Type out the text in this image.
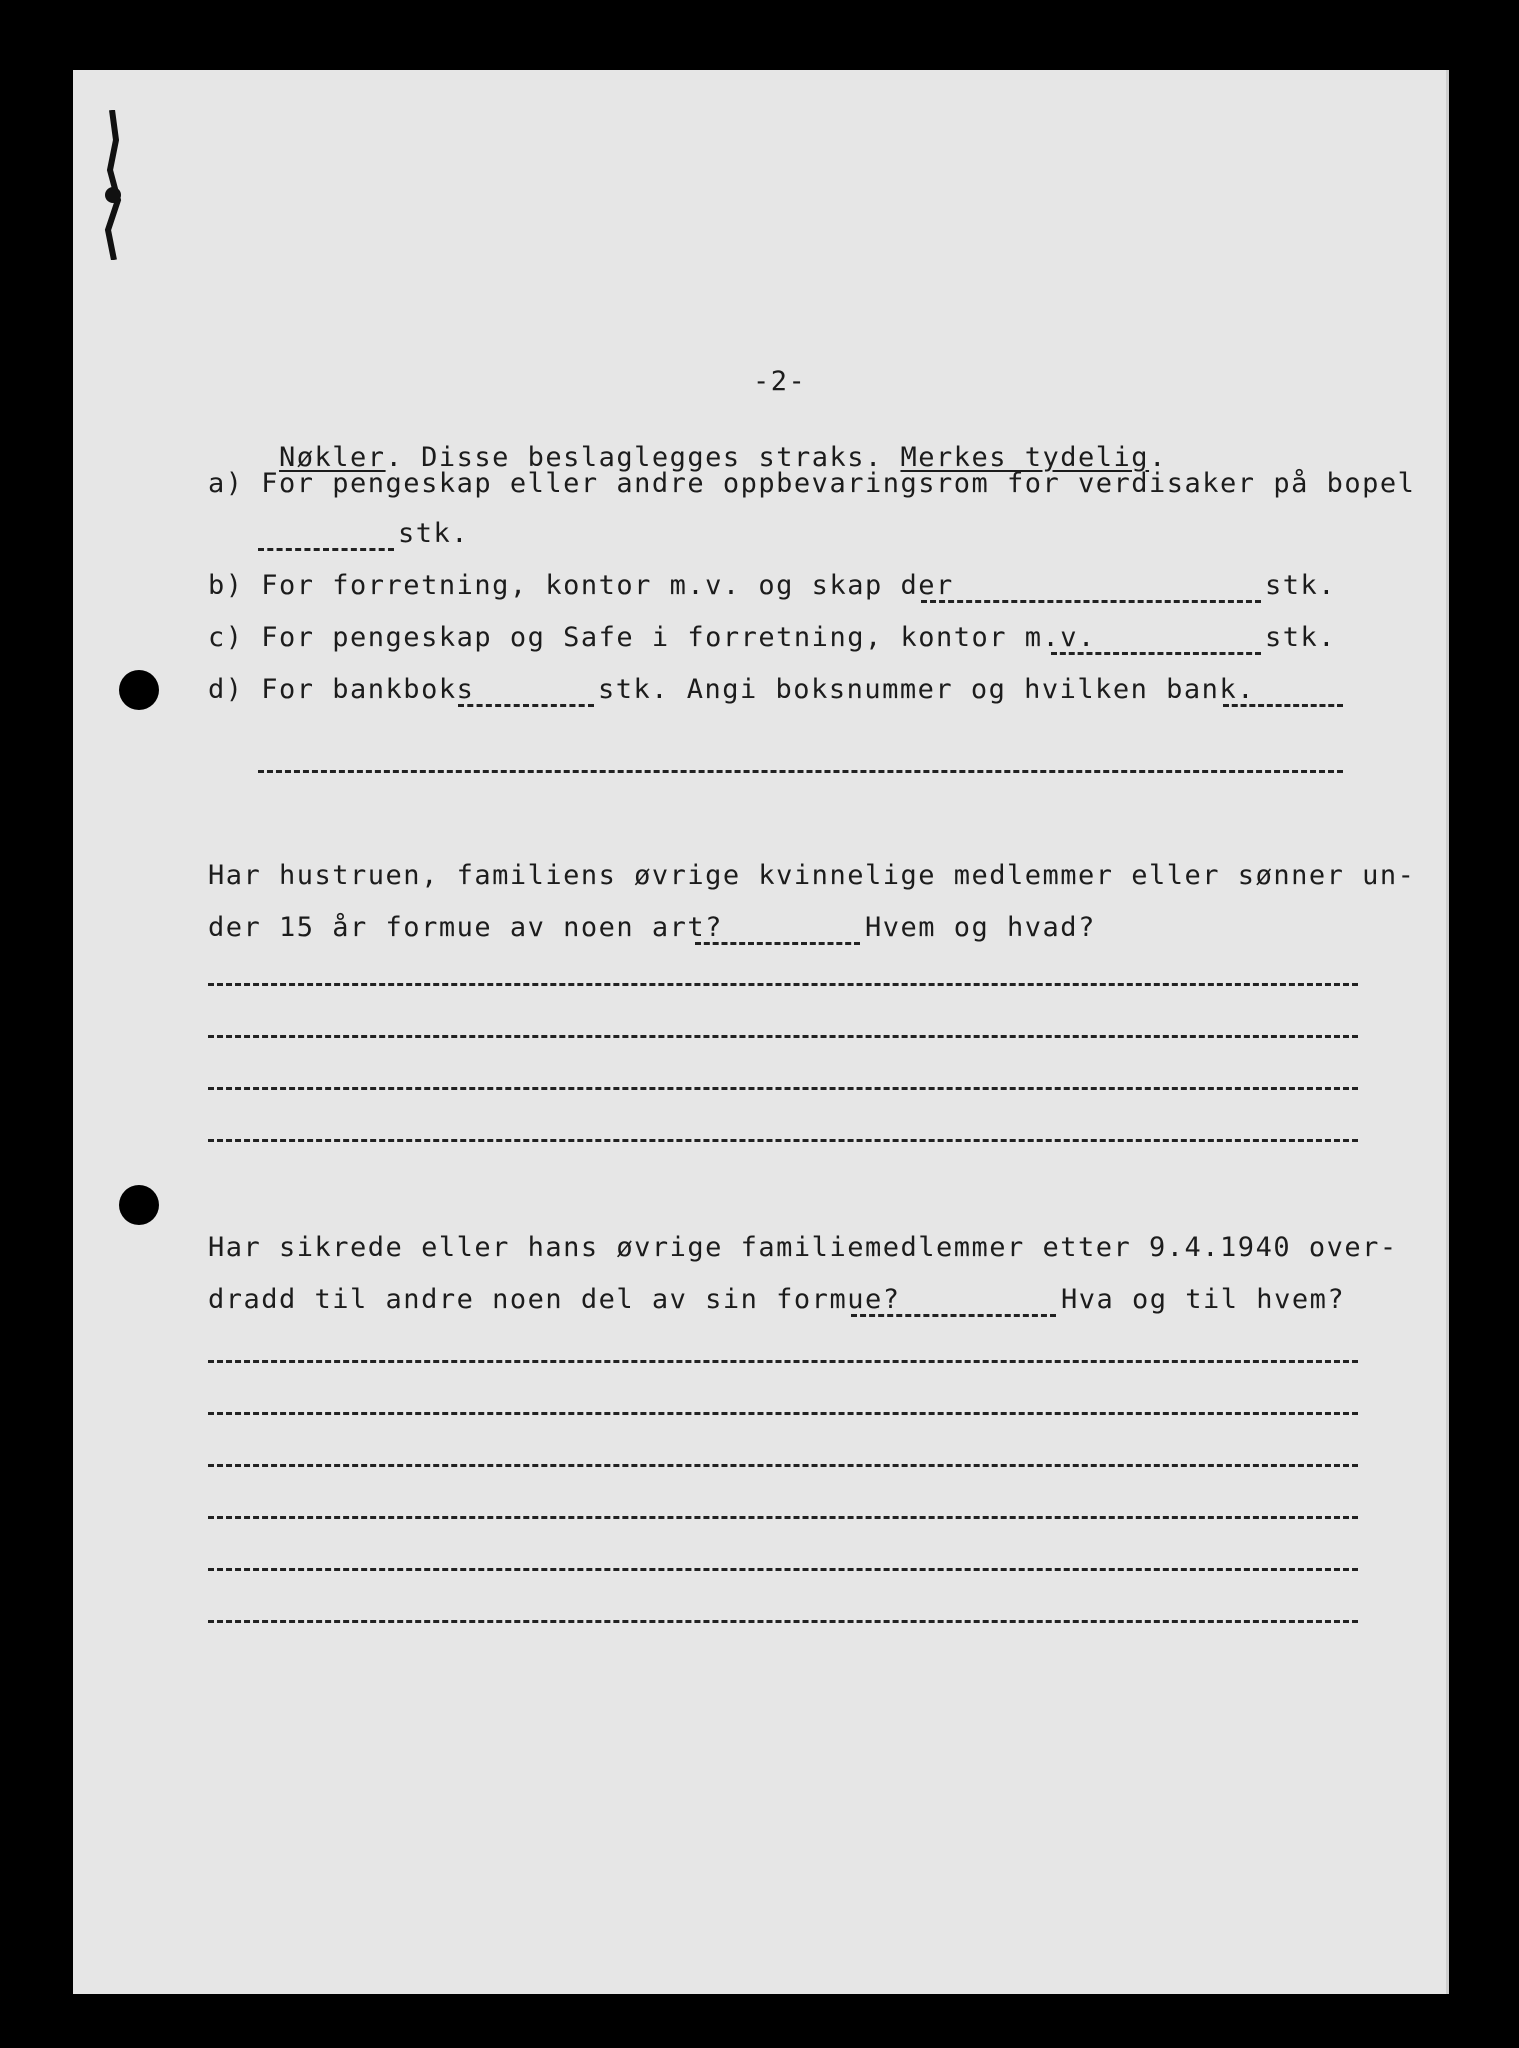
-2-

Nøkler. Disse beslaglegges straks. Merkes tydelig.

a) For pengeskap eller andre oppbevaringsrom for verdisaker på bopel
stk.
b) For forretning, kontor m.v. og skap der	stk.
c) For pengeskap og Safe i forretning, kontor m.v.	stk.
d) For bankboks	stk. Angi boksnummer og hvilken bank.
Har hustruen, familiens øvrige kvinnelige medlemmer eller sønner un-
der 15 år formue av noen art?	Hvem og hvad?
Har sikrede eller hans øvrige familiemedlemmer etter 9.4.1940 over-
dradd til andre noen del av sin formue?	Hva og til hvem?
